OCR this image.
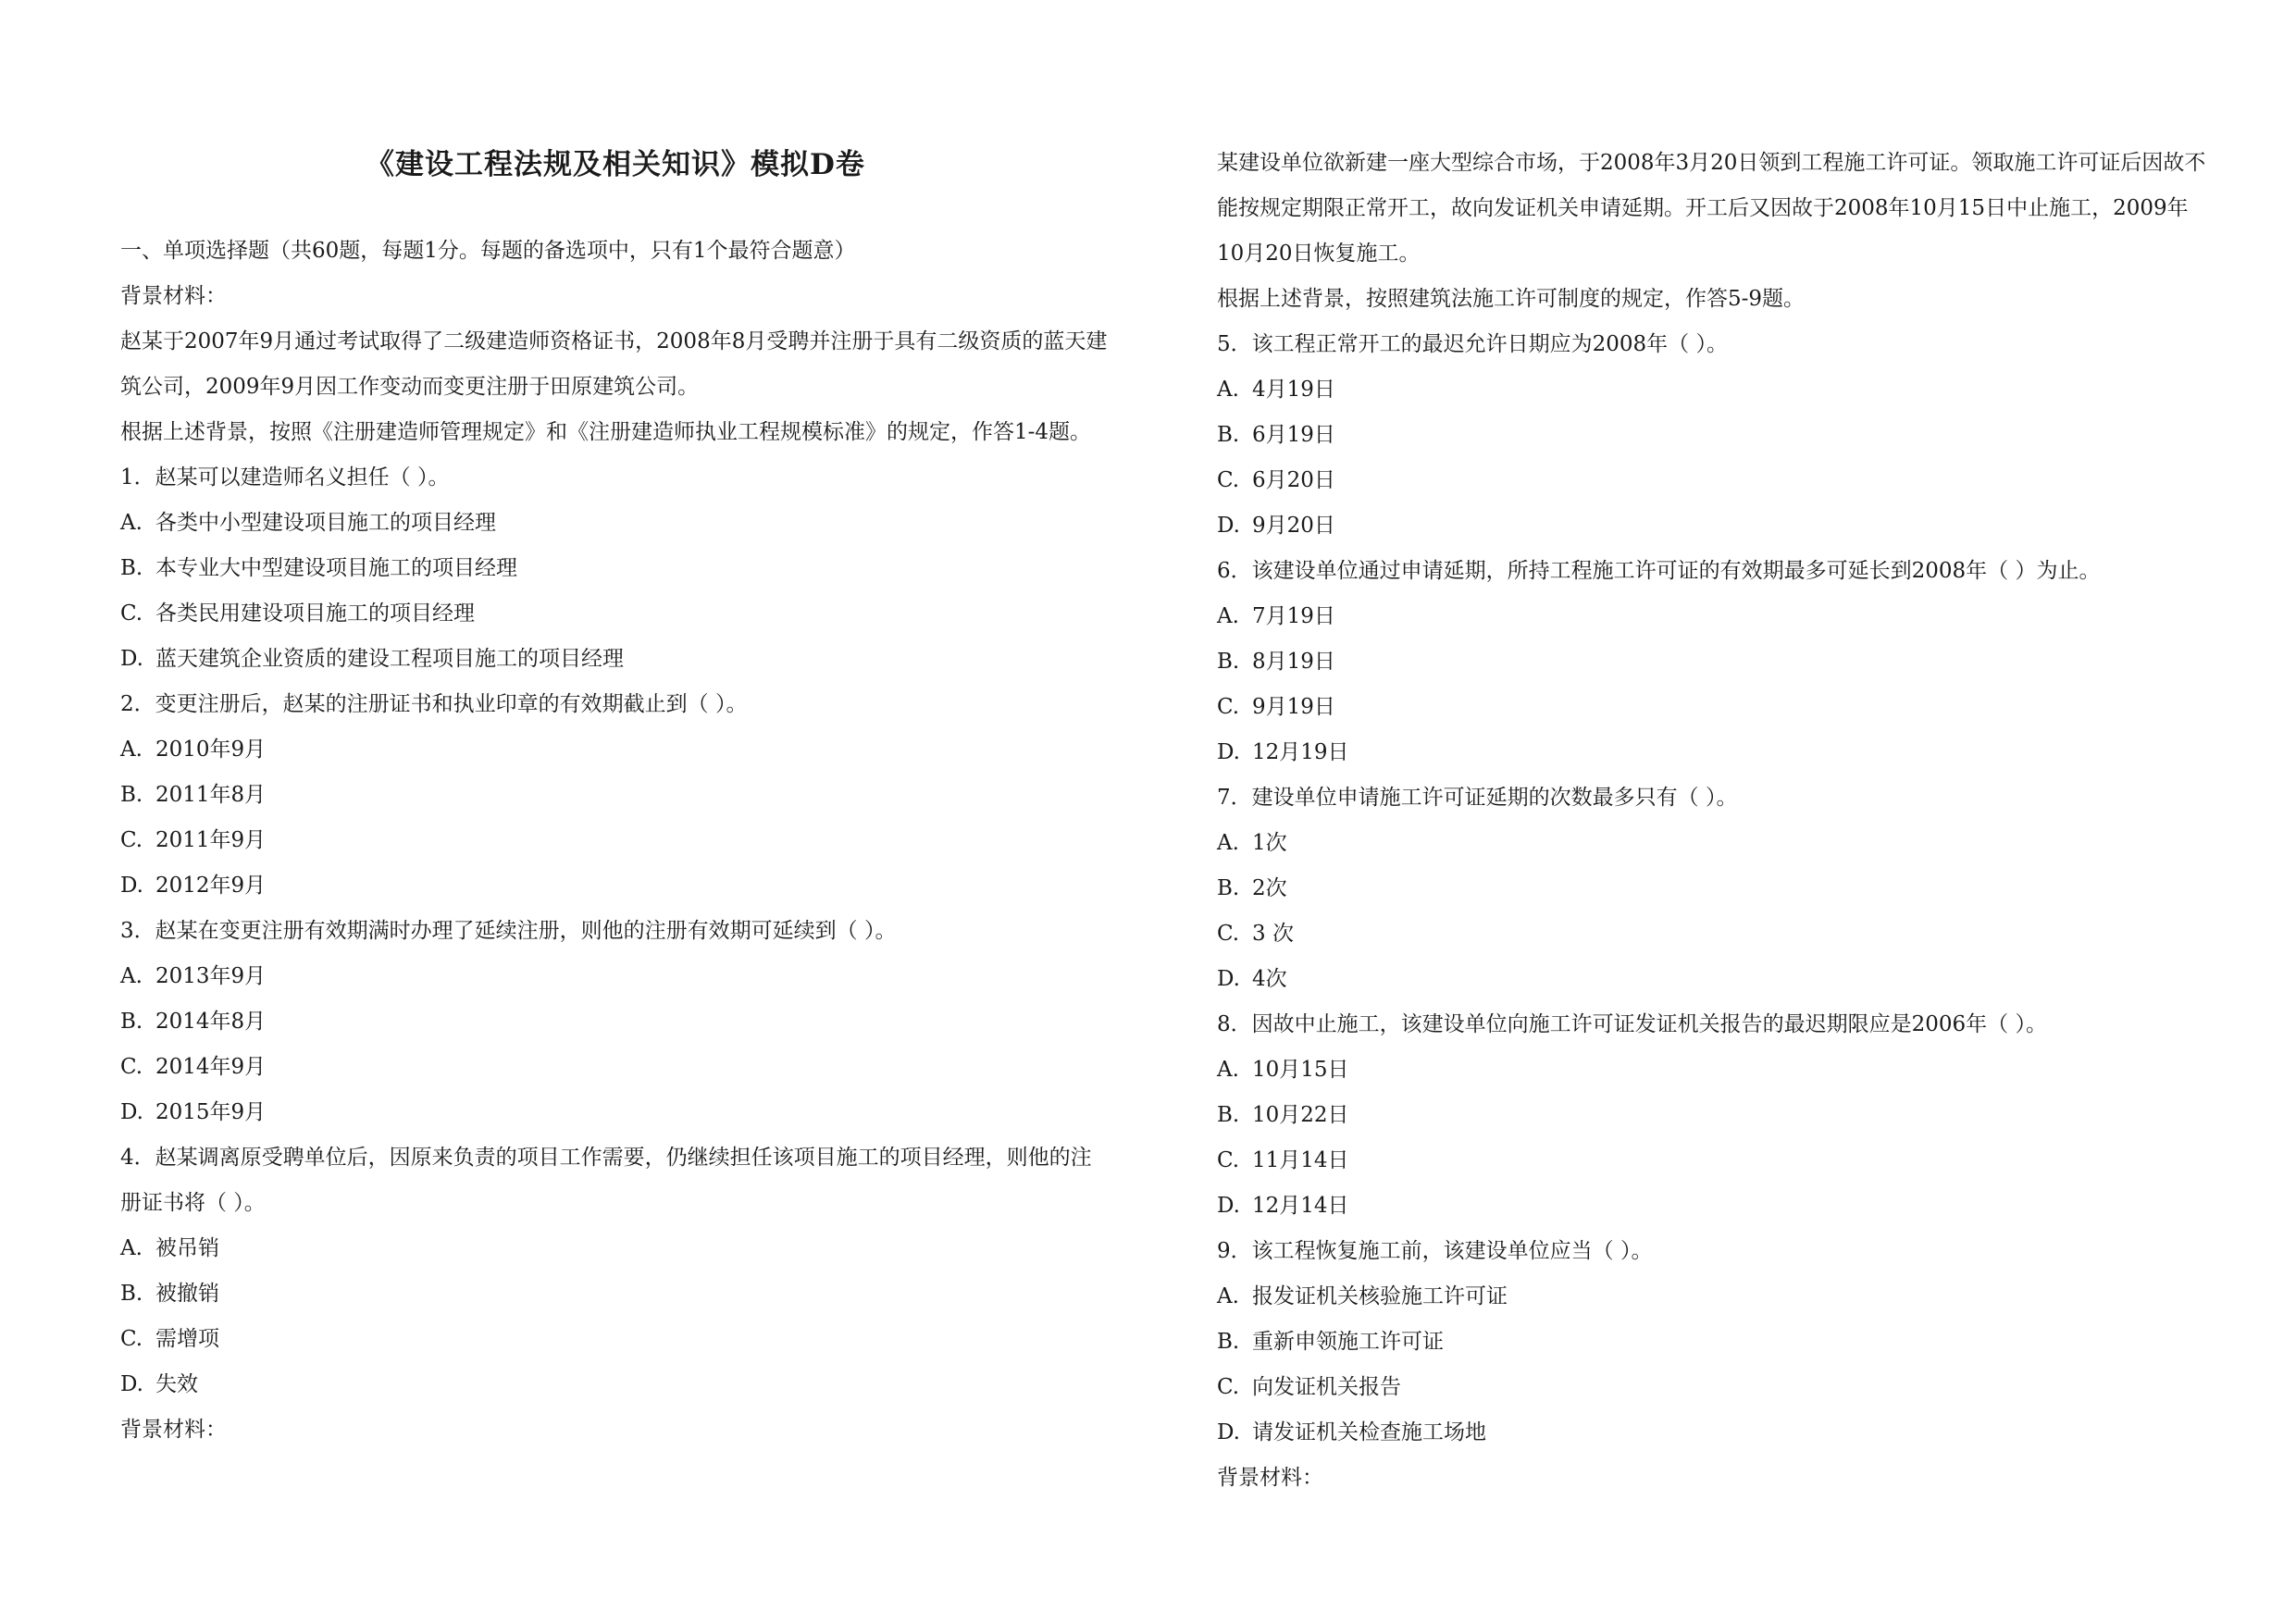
《建设工程法规及相关知识》模拟D卷
一、单项选择题（共60题，每题1分。每题的备选项中，只有1个最符合题意）
背景材料：
赵某于2007年9月通过考试取得了二级建造师资格证书，2008年8月受聘并注册于具有二级资质的蓝天建筑公司，2009年9月因工作变动而变更注册于田原建筑公司。
根据上述背景，按照《注册建造师管理规定》和《注册建造师执业工程规模标准》的规定，作答1-4题。
1．赵某可以建造师名义担任（ ）。
A. 各类中小型建设项目施工的项目经理
B. 本专业大中型建设项目施工的项目经理
C. 各类民用建设项目施工的项目经理
D. 蓝天建筑企业资质的建设工程项目施工的项目经理
2．变更注册后，赵某的注册证书和执业印章的有效期截止到（ ）。
A. 2010年9月
B. 2011年8月
C. 2011年9月
D. 2012年9月
3．赵某在变更注册有效期满时办理了延续注册，则他的注册有效期可延续到（ ）。
A. 2013年9月
B. 2014年8月
C. 2014年9月
D. 2015年9月
4．赵某调离原受聘单位后，因原来负责的项目工作需要，仍继续担任该项目施工的项目经理，则他的注册证书将（ ）。
A. 被吊销
B. 被撤销
C. 需增项
D. 失效
背景材料：
某建设单位欲新建一座大型综合市场，于2008年3月20日领到工程施工许可证。领取施工许可证后因故不能按规定期限正常开工，故向发证机关申请延期。开工后又因故于2008年10月15日中止施工，2009年10月20日恢复施工。
根据上述背景，按照建筑法施工许可制度的规定，作答5-9题。
5．该工程正常开工的最迟允许日期应为2008年（ ）。
A. 4月19日
B. 6月19日
C. 6月20日
D. 9月20日
6．该建设单位通过申请延期，所持工程施工许可证的有效期最多可延长到2008年（ ）为止。
A. 7月19日
B. 8月19日
C. 9月19日
D. 12月19日
7．建设单位申请施工许可证延期的次数最多只有（ ）。
A. 1次
B. 2次
C. 3 次
D. 4次
8．因故中止施工，该建设单位向施工许可证发证机关报告的最迟期限应是2006年（ ）。
A. 10月15日
B. 10月22日
C. 11月14日
D. 12月14日
9．该工程恢复施工前，该建设单位应当（ ）。
A. 报发证机关核验施工许可证
B. 重新申领施工许可证
C. 向发证机关报告
D. 请发证机关检查施工场地
背景材料：
